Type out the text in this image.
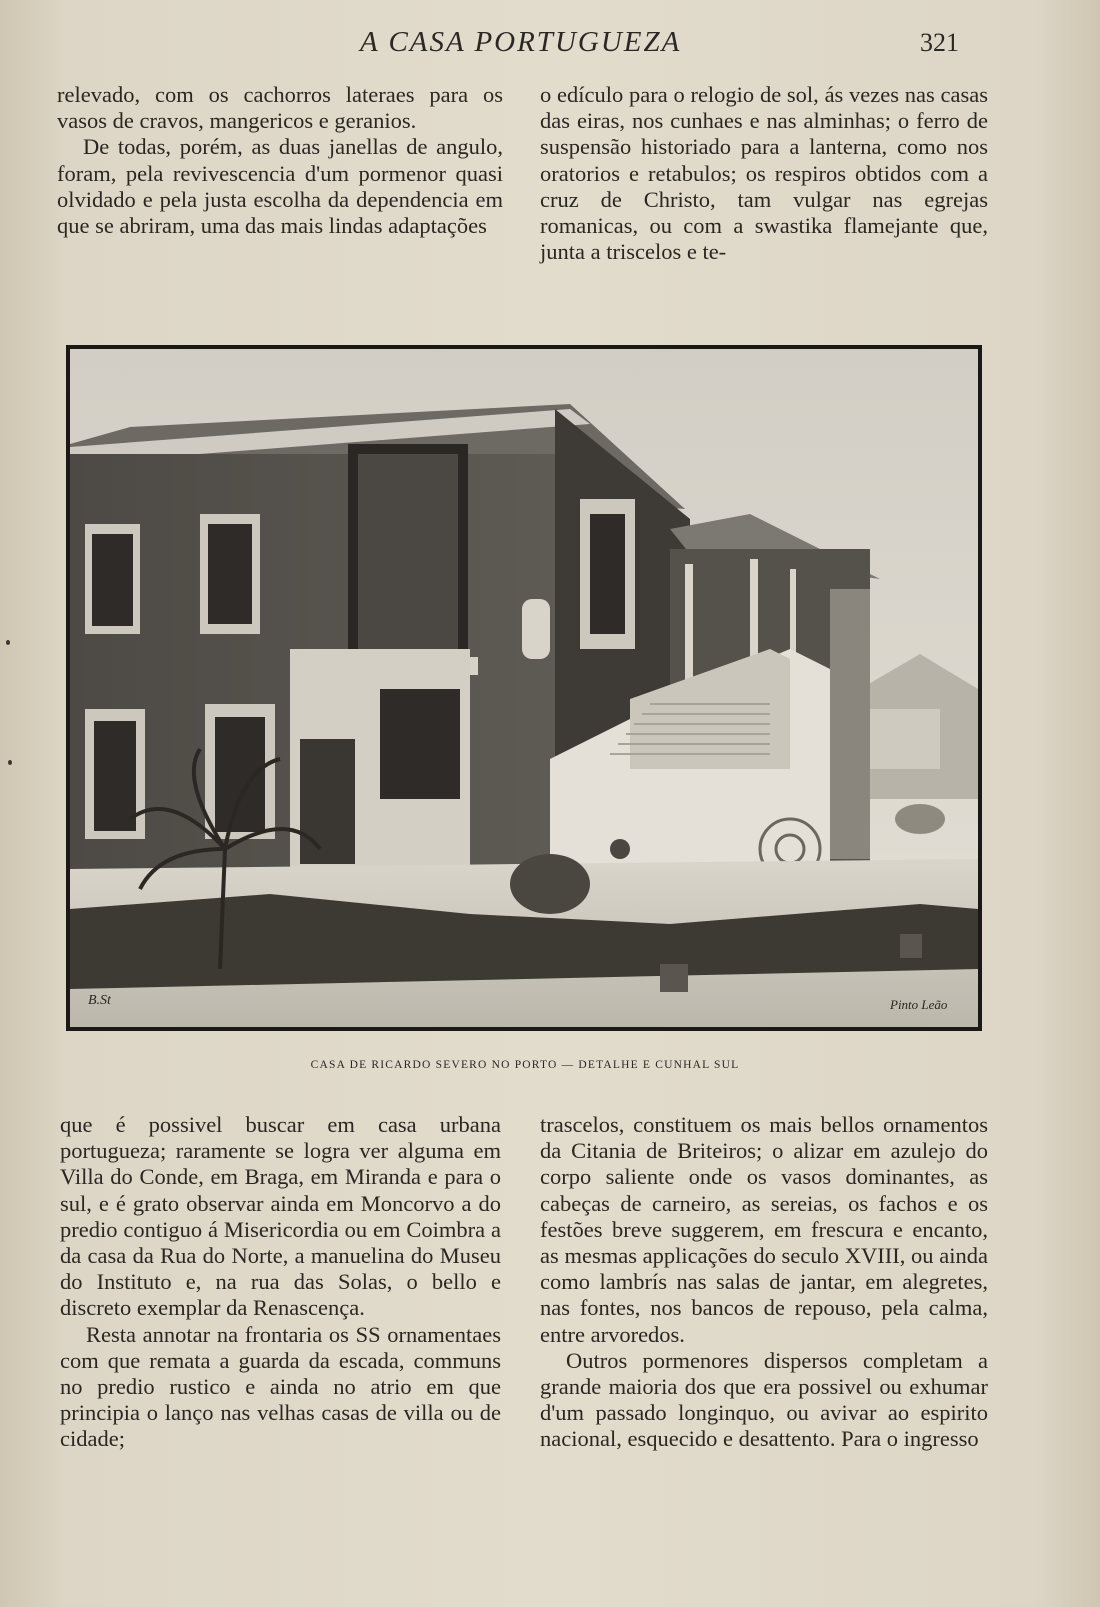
A CASA PORTUGUEZA	321

relevado, com os cachorros lateraes para os vasos de cravos, mangericos e geranios.

De todas, porém, as duas janellas de angulo, foram, pela revivescencia d'um pormenor quasi olvidado e pela justa escolha da dependencia em que se abriram, uma das mais lindas adaptações

o edículo para o relogio de sol, ás vezes nas casas das eiras, nos cunhaes e nas alminhas; o ferro de suspensão historiado para a lanterna, como nos oratorios e retabulos; os respiros obtidos com a cruz de Christo, tam vulgar nas egrejas romanicas, ou com a swastika flamejante que, junta a triscelos e te-

B.St	Pinto Leão
CASA DE RICARDO SEVERO NO PORTO — DETALHE E CUNHAL SUL

que é possivel buscar em casa urbana portugueza; raramente se logra ver alguma em Villa do Conde, em Braga, em Miranda e para o sul, e é grato observar ainda em Moncorvo a do predio contiguo á Misericordia ou em Coimbra a da casa da Rua do Norte, a manuelina do Museu do Instituto e, na rua das Solas, o bello e discreto exemplar da Renascença.

Resta annotar na frontaria os SS ornamentaes com que remata a guarda da escada, communs no predio rustico e ainda no atrio em que principia o lanço nas velhas casas de villa ou de cidade;

trascelos, constituem os mais bellos ornamentos da Citania de Briteiros; o alizar em azulejo do corpo saliente onde os vasos dominantes, as cabeças de carneiro, as sereias, os fachos e os festões breve suggerem, em frescura e encanto, as mesmas applicações do seculo XVIII, ou ainda como lambrís nas salas de jantar, em alegretes, nas fontes, nos bancos de repouso, pela calma, entre arvoredos.

Outros pormenores dispersos completam a grande maioria dos que era possivel ou exhumar d'um passado longinquo, ou avivar ao espirito nacional, esquecido e desattento. Para o ingresso
